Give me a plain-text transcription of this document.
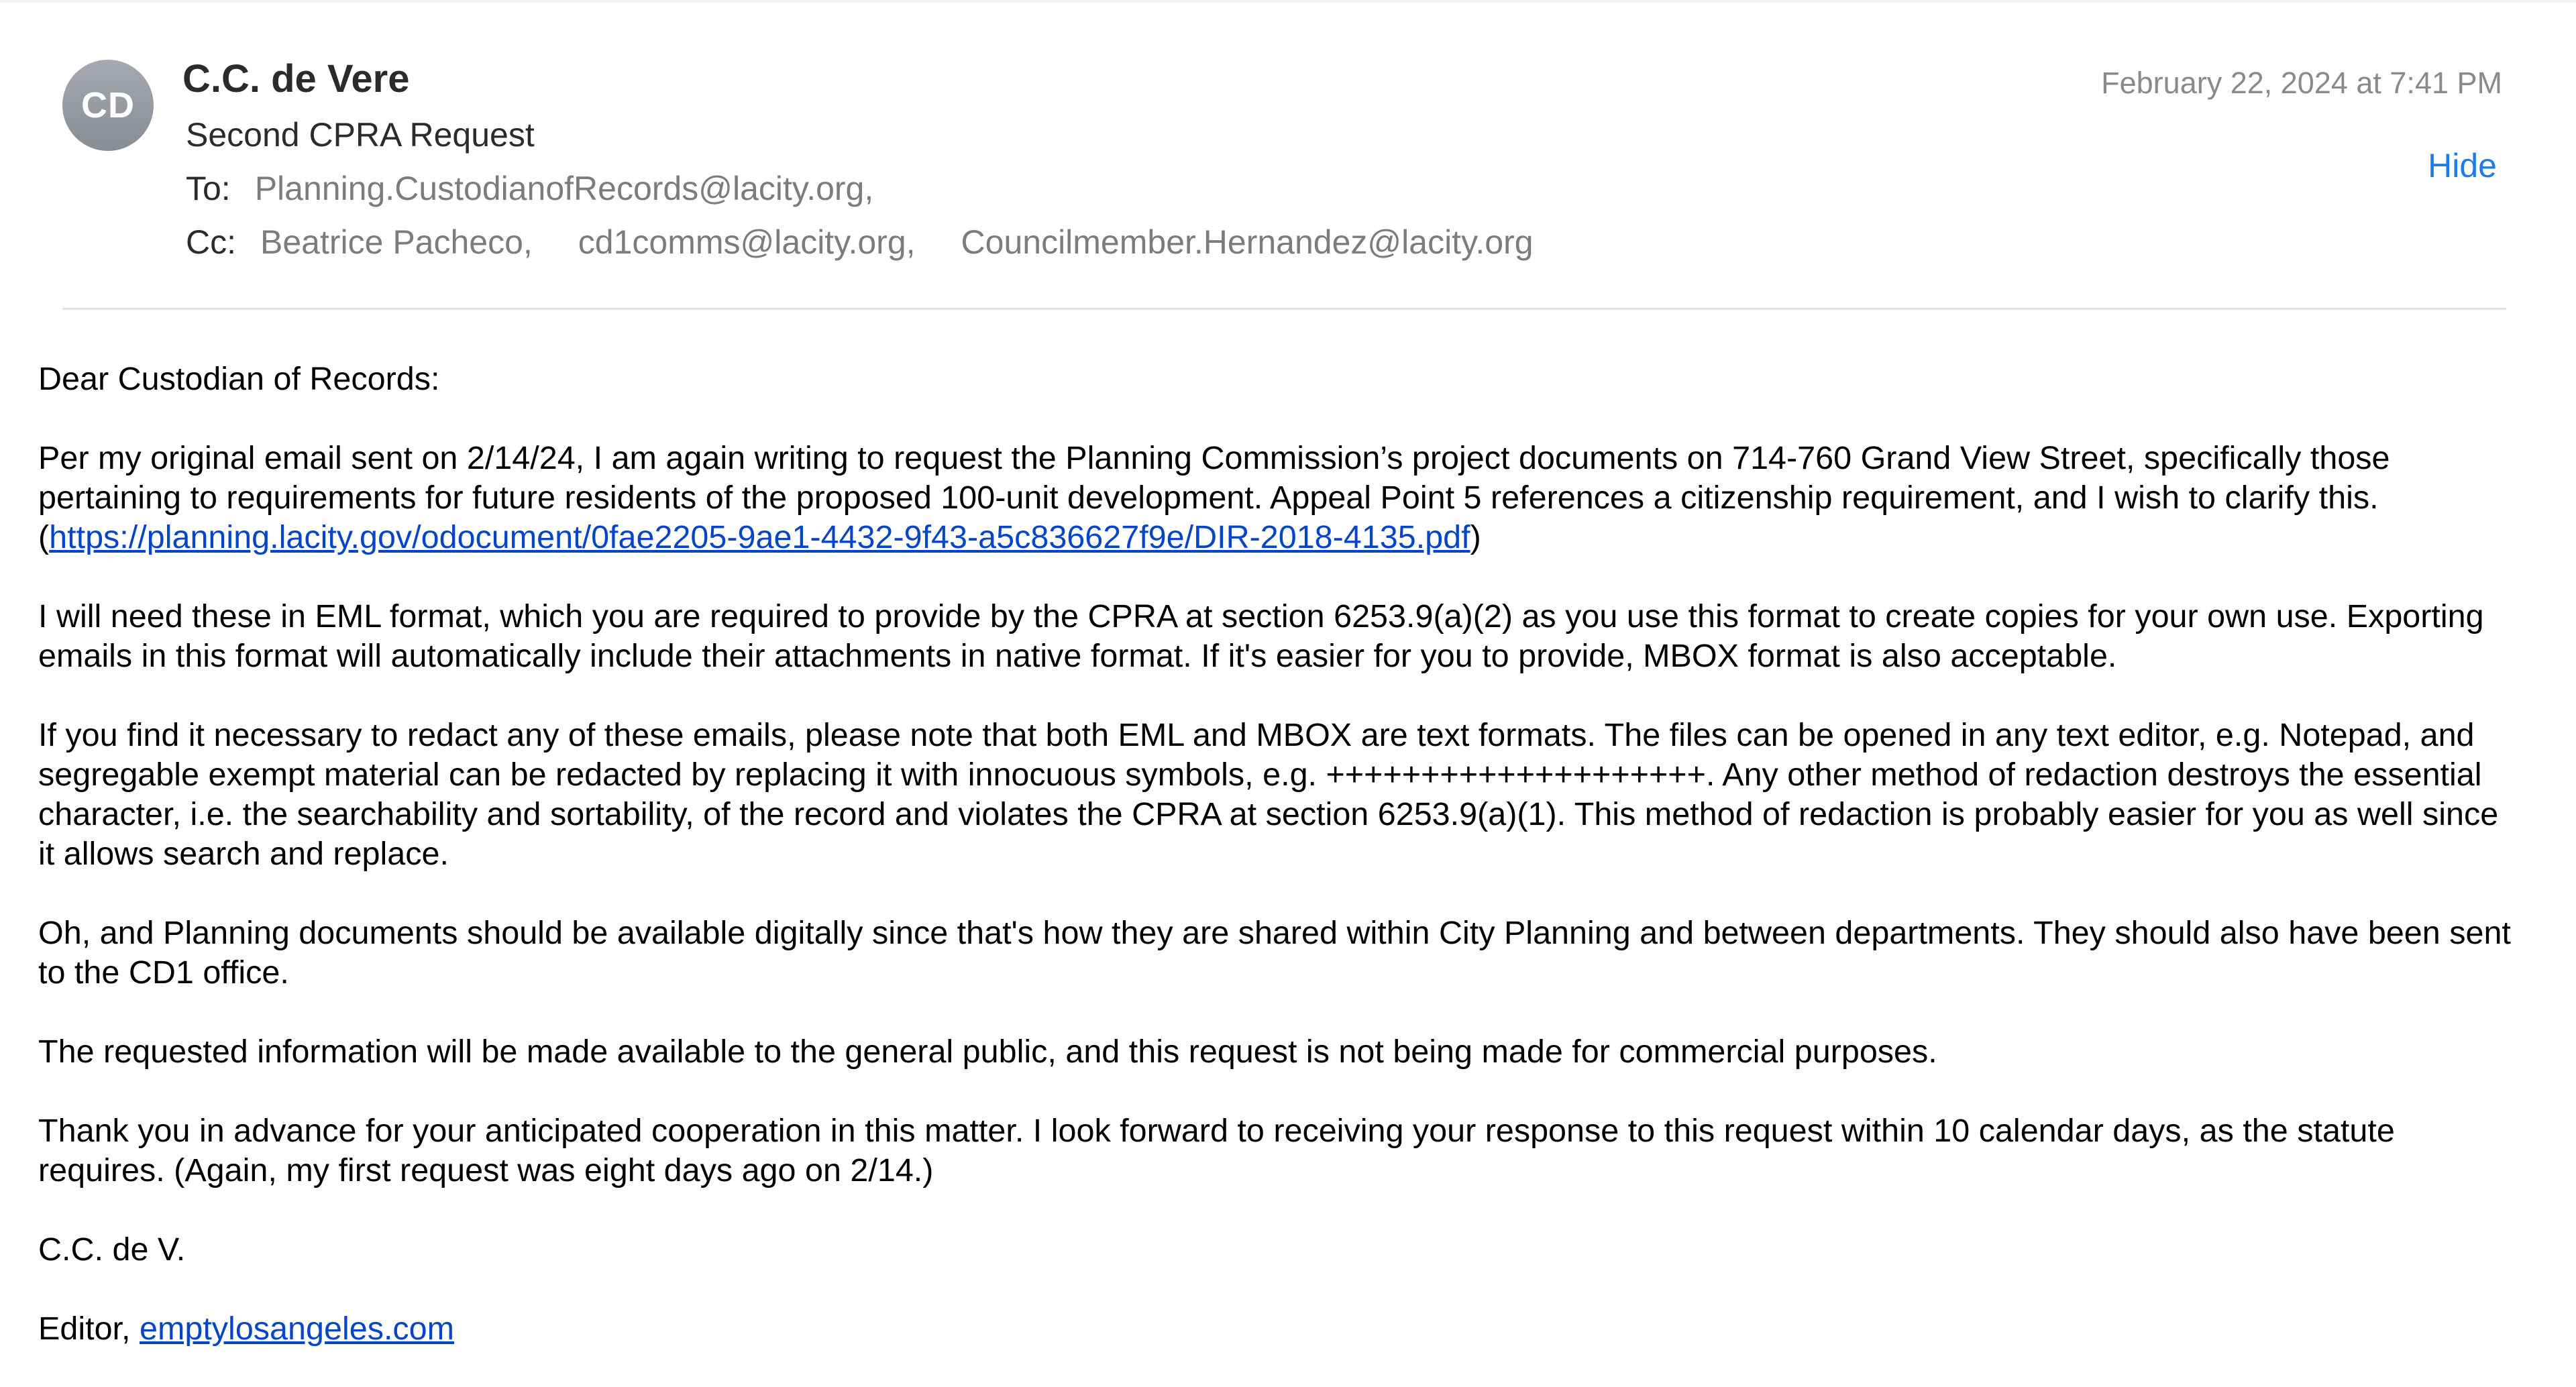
CD
C.C. de Vere
Second CPRA Request
To: Planning.CustodianofRecords@lacity.org,
Cc: Beatrice Pacheco, cd1comms@lacity.org, Councilmember.Hernandez@lacity.org
February 22, 2024 at 7:41 PM
Hide

Dear Custodian of Records:

Per my original email sent on 2/14/24, I am again writing to request the Planning Commission’s project documents on 714-760 Grand View Street, specifically those pertaining to requirements for future residents of the proposed 100-unit development. Appeal Point 5 references a citizenship requirement, and I wish to clarify this.
(https://planning.lacity.gov/odocument/0fae2205-9ae1-4432-9f43-a5c836627f9e/DIR-2018-4135.pdf)

I will need these in EML format, which you are required to provide by the CPRA at section 6253.9(a)(2) as you use this format to create copies for your own use. Exporting emails in this format will automatically include their attachments in native format. If it's easier for you to provide, MBOX format is also acceptable.

If you find it necessary to redact any of these emails, please note that both EML and MBOX are text formats. The files can be opened in any text editor, e.g. Notepad, and segregable exempt material can be redacted by replacing it with innocuous symbols, e.g. ++++++++++++++++++++. Any other method of redaction destroys the essential character, i.e. the searchability and sortability, of the record and violates the CPRA at section 6253.9(a)(1). This method of redaction is probably easier for you as well since it allows search and replace.

Oh, and Planning documents should be available digitally since that's how they are shared within City Planning and between departments. They should also have been sent to the CD1 office.

The requested information will be made available to the general public, and this request is not being made for commercial purposes.

Thank you in advance for your anticipated cooperation in this matter. I look forward to receiving your response to this request within 10 calendar days, as the statute requires. (Again, my first request was eight days ago on 2/14.)

C.C. de V.

Editor, emptylosangeles.com
